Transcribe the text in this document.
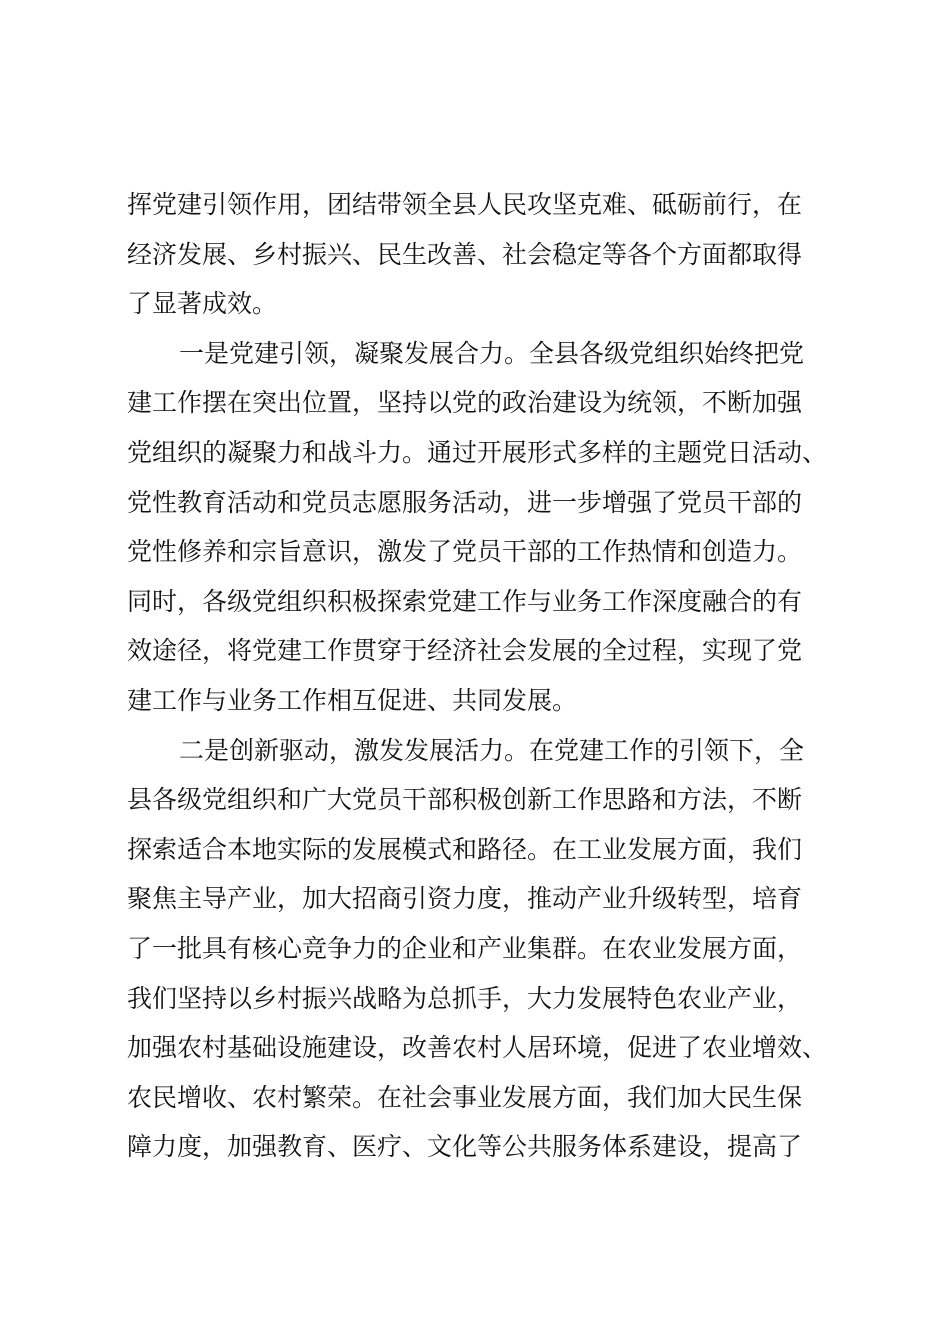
挥党建引领作用，团结带领全县人民攻坚克难、砥砺前行，在
经济发展、乡村振兴、民生改善、社会稳定等各个方面都取得
了显著成效。
一是党建引领，凝聚发展合力。全县各级党组织始终把党
建工作摆在突出位置，坚持以党的政治建设为统领，不断加强
党组织的凝聚力和战斗力。通过开展形式多样的主题党日活动、
党性教育活动和党员志愿服务活动，进一步增强了党员干部的
党性修养和宗旨意识，激发了党员干部的工作热情和创造力。
同时，各级党组织积极探索党建工作与业务工作深度融合的有
效途径，将党建工作贯穿于经济社会发展的全过程，实现了党
建工作与业务工作相互促进、共同发展。
二是创新驱动，激发发展活力。在党建工作的引领下，全
县各级党组织和广大党员干部积极创新工作思路和方法，不断
探索适合本地实际的发展模式和路径。在工业发展方面，我们
聚焦主导产业，加大招商引资力度，推动产业升级转型，培育
了一批具有核心竞争力的企业和产业集群。在农业发展方面，
我们坚持以乡村振兴战略为总抓手，大力发展特色农业产业，
加强农村基础设施建设，改善农村人居环境，促进了农业增效、
农民增收、农村繁荣。在社会事业发展方面，我们加大民生保
障力度，加强教育、医疗、文化等公共服务体系建设，提高了
